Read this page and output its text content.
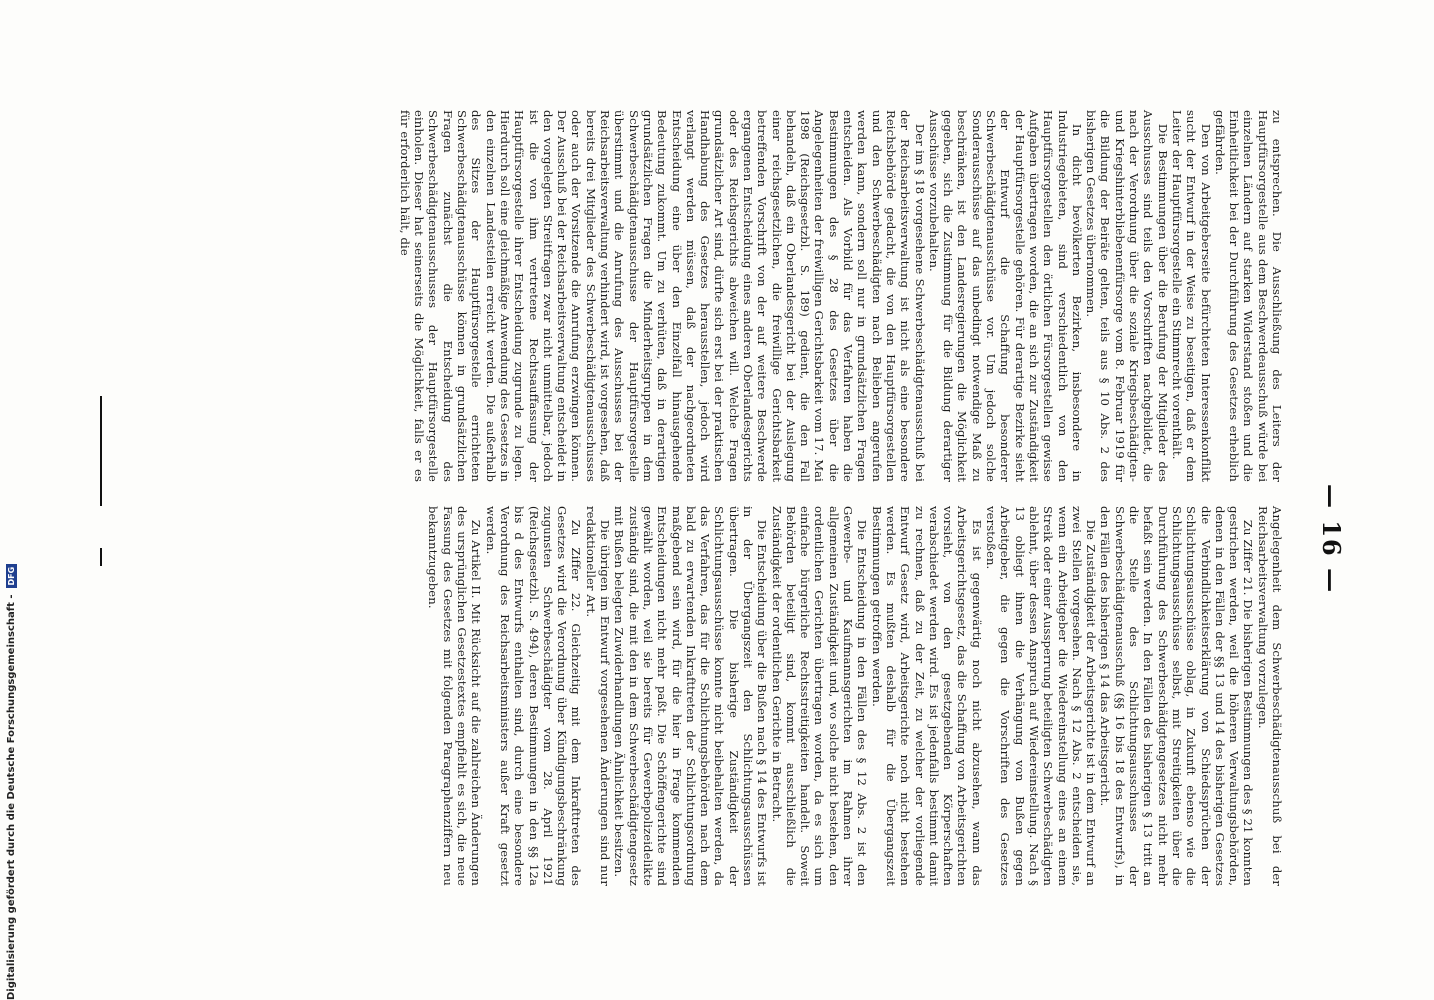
— 16 —

zu entsprechen. Die Ausschließung des Leiters der Hauptfürsorgestelle aus dem Beschwerdeausschuß würde bei einzelnen Ländern auf starken Widerstand stoßen und die Einheitlichkeit bei der Durchführung des Gesetzes erheblich gefährden.

Den von Arbeitgeberseite befürchteten Interessenkonflikt sucht der Entwurf in der Weise zu beseitigen, daß er dem Leiter der Hauptfürsorgestelle ein Stimmrecht vorenthält.

Die Bestimmungen über die Berufung der Mitglieder des Ausschusses sind teils den Vorschriften nachgebildet, die nach der Verordnung über die soziale Kriegsbeschädigten- und Kriegshinterbliebenenfürsorge vom 8. Februar 1919 für die Bildung der Beiräte gelten, teils aus § 10 Abs. 2 des bisherigen Gesetzes übernommen.

In dicht bevölkerten Bezirken, insbesondere in Industriegebieten, sind verschiedentlich von den Hauptfürsorgestellen den örtlichen Fürsorgestellen gewisse Aufgaben übertragen worden, die an sich zur Zuständigkeit der Hauptfürsorgestelle gehören. Für derartige Bezirke sieht der Entwurf die Schaffung besonderer Schwerbeschädigtenausschüsse vor. Um jedoch solche Sonderausschüsse auf das unbedingt notwendige Maß zu beschränken, ist den Landesregierungen die Möglichkeit gegeben, sich die Zustimmung für die Bildung derartiger Ausschüsse vorzubehalten.

Der im § 18 vorgesehene Schwerbeschädigtenausschuß bei der Reichsarbeitsverwaltung ist nicht als eine besondere Reichsbehörde gedacht, die von den Hauptfürsorgestellen und den Schwerbeschädigten nach Belieben angerufen werden kann, sondern soll nur in grundsätzlichen Fragen entscheiden. Als Vorbild für das Verfahren haben die Bestimmungen des § 28 des Gesetzes über die Angelegenheiten der freiwilligen Gerichtsbarkeit vom 17. Mai 1898 (Reichsgesetzbl. S. 189) gedient, die den Fall behandeln, daß ein Oberlandesgericht bei der Auslegung einer reichsgesetzlichen, die freiwillige Gerichtsbarkeit betreffenden Vorschrift von der auf weitere Beschwerde ergangenen Entscheidung eines anderen Oberlandesgerichts oder des Reichsgerichts abweichen will. Welche Fragen grundsätzlicher Art sind, dürfte sich erst bei der praktischen Handhabung des Gesetzes herausstellen, jedoch wird verlangt werden müssen, daß der nachgeordneten Entscheidung eine über den Einzelfall hinausgehende Bedeutung zukommt. Um zu verhüten, daß in derartigen grundsätzlichen Fragen die Minderheitsgruppen in dem Schwerbeschädigtenausschusse der Hauptfürsorgestelle überstimmt und die Anrufung des Ausschusses bei der Reichsarbeitsverwaltung verhindert wird, ist vorgesehen, daß bereits drei Mitglieder des Schwerbeschädigtenausschusses oder auch der Vorsitzende die Anrufung erzwingen können. Der Ausschuß bei der Reichsarbeitsverwaltung entscheidet in den vorgelegten Streitfragen zwar nicht unmittelbar, jedoch ist die von ihm vertretene Rechtsauffassung der Hauptfürsorgestelle ihrer Entscheidung zugrunde zu legen. Hierdurch soll eine gleichmäßige Anwendung des Gesetzes in den einzelnen Landesteilen erreicht werden. Die außerhalb des Sitzes der Hauptfürsorgestelle errichteten Schwerbeschädigtenausschüsse können in grundsätzlichen Fragen zunächst die Entscheidung des Schwerbeschädigtenausschusses der Hauptfürsorgestelle einholen. Dieser hat seinerseits die Möglichkeit, falls er es für erforderlich hält, die

Angelegenheit dem Schwerbeschädigtenausschuß bei der Reichsarbeitsverwaltung vorzulegen.

Zu Ziffer 21. Die bisherigen Bestimmungen des § 21 konnten gestrichen werden, weil die höheren Verwaltungsbehörden, denen in den Fällen der §§ 13 und 14 des bisherigen Gesetzes die Verbindlichkeitserklärung von Schiedssprüchen der Schlichtungsausschüsse oblag, in Zukunft ebenso wie die Schlichtungsausschüsse selbst, mit Streitigkeiten über die Durchführung des Schwerbeschädigtengesetzes nicht mehr befaßt sein werden. In den Fällen des bisherigen § 13 tritt an die Stelle des Schlichtungsausschusses der Schwerbeschädigtenausschuß (§§ 16 bis 18 des Entwurfs), in den Fällen des bisherigen § 14 das Arbeitsgericht.

Die Zuständigkeit der Arbeitsgerichte ist in dem Entwurf an zwei Stellen vorgesehen. Nach § 12 Abs. 2 entscheiden sie, wenn ein Arbeitgeber die Wiedereinstellung eines an einem Streik oder einer Aussperrung beteiligten Schwerbeschädigten ablehnt, über dessen Anspruch auf Wiedereinstellung. Nach § 13 obliegt ihnen die Verhängung von Bußen gegen Arbeitgeber, die gegen die Vorschriften des Gesetzes verstoßen.

Es ist gegenwärtig noch nicht abzusehen, wann das Arbeitsgerichtsgesetz, das die Schaffung von Arbeitsgerichten vorsieht, von den gesetzgebenden Körperschaften verabschiedet werden wird. Es ist jedenfalls bestimmt damit zu rechnen, daß zu der Zeit, zu welcher der vorliegende Entwurf Gesetz wird, Arbeitsgerichte noch nicht bestehen werden. Es mußten deshalb für die Übergangszeit Bestimmungen getroffen werden.

Die Entscheidung in den Fällen des § 12 Abs. 2 ist den Gewerbe- und Kaufmannsgerichten im Rahmen ihrer allgemeinen Zuständigkeit und, wo solche nicht bestehen, den ordentlichen Gerichten übertragen worden, da es sich um einfache bürgerliche Rechtsstreitigkeiten handelt. Soweit Behörden beteiligt sind, kommt ausschließlich die Zuständigkeit der ordentlichen Gerichte in Betracht.

Die Entscheidung über die Bußen nach § 14 des Entwurfs ist in der Übergangszeit den Schlichtungsausschüssen übertragen. Die bisherige Zuständigkeit der Schlichtungsausschüsse konnte nicht beibehalten werden, da das Verfahren, das für die Schlichtungsbehörden nach dem bald zu erwartenden Inkrafttreten der Schlichtungsordnung maßgebend sein wird, für die hier in Frage kommenden Entscheidungen nicht mehr paßt. Die Schöffengerichte sind gewählt worden, weil sie bereits für Gewerbepolizeidelikte zuständig sind, die mit den in dem Schwerbeschädigtengesetz mit Bußen belegten Zuwiderhandlungen Ähnlichkeit besitzen.

Die übrigen im Entwurf vorgesehenen Änderungen sind nur redaktioneller Art.

Zu Ziffer 22. Gleichzeitig mit dem Inkrafttreten des Gesetzes wird die Verordnung über Kündigungsbeschränkung zugunsten Schwerbeschädigter vom 28. April 1921 (Reichsgesetzbl. S. 494), deren Bestimmungen in den §§ 12a bis d des Entwurfs enthalten sind, durch eine besondere Verordnung des Reichsarbeitsministers außer Kraft gesetzt werden.

Zu Artikel II. Mit Rücksicht auf die zahlreichen Änderungen des ursprünglichen Gesetzestextes empfiehlt es sich, die neue Fassung des Gesetzes mit folgenden Paragraphenziffern neu bekanntzugeben.

Digitalisierung gefördert durch die Deutsche Forschungsgemeinschaft -
DFG
